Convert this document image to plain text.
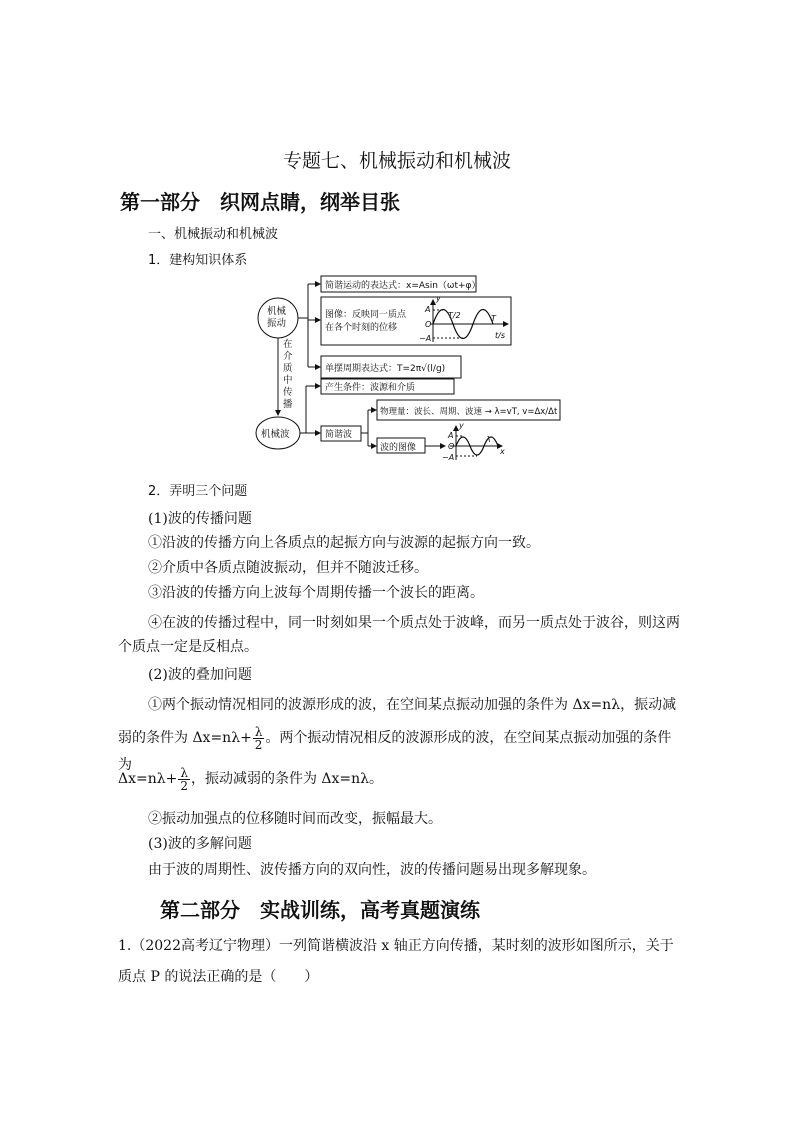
专题七、机械振动和机械波
第一部分　织网点睛，纲举目张
一、机械振动和机械波
1．建构知识体系
机械
振动
机械波
在
介
质
中
传
播
简谐运动的表达式：x=Asin（ωt+φ）
图像：反映同一质点
在各个时刻的位移
单摆周期表达式：T=2π√(l/g)
产生条件：波源和介质
简谐波
物理量：波长、周期、波速 → λ=vT, v=Δx/Δt
波的图像
y
A
O
−A
T/2	T
t/s
y
A
O
−A
λ
x
2．弄明三个问题
(1)波的传播问题
①沿波的传播方向上各质点的起振方向与波源的起振方向一致。
②介质中各质点随波振动，但并不随波迁移。
③沿波的传播方向上波每个周期传播一个波长的距离。
④在波的传播过程中，同一时刻如果一个质点处于波峰，而另一质点处于波谷，则这两
个质点一定是反相点。
(2)波的叠加问题
①两个振动情况相同的波源形成的波，在空间某点振动加强的条件为 Δx=nλ，振动减
弱的条件为 $\Delta x=n\lambda+ \frac{\lambda}{2}$ 。两个振动情况相反的波源形成的波，在空间某点振动加强的条件为
$\Delta x=n\lambda+ \frac{\lambda}{2}$ ，振动减弱的条件为 Δx=nλ。
②振动加强点的位移随时间而改变，振幅最大。
(3)波的多解问题
由于波的周期性、波传播方向的双向性，波的传播问题易出现多解现象。
第二部分　实战训练，高考真题演练
1.（2022高考辽宁物理）一列简谐横波沿 x 轴正方向传播，某时刻的波形如图所示，关于
质点 P 的说法正确的是（　　）
